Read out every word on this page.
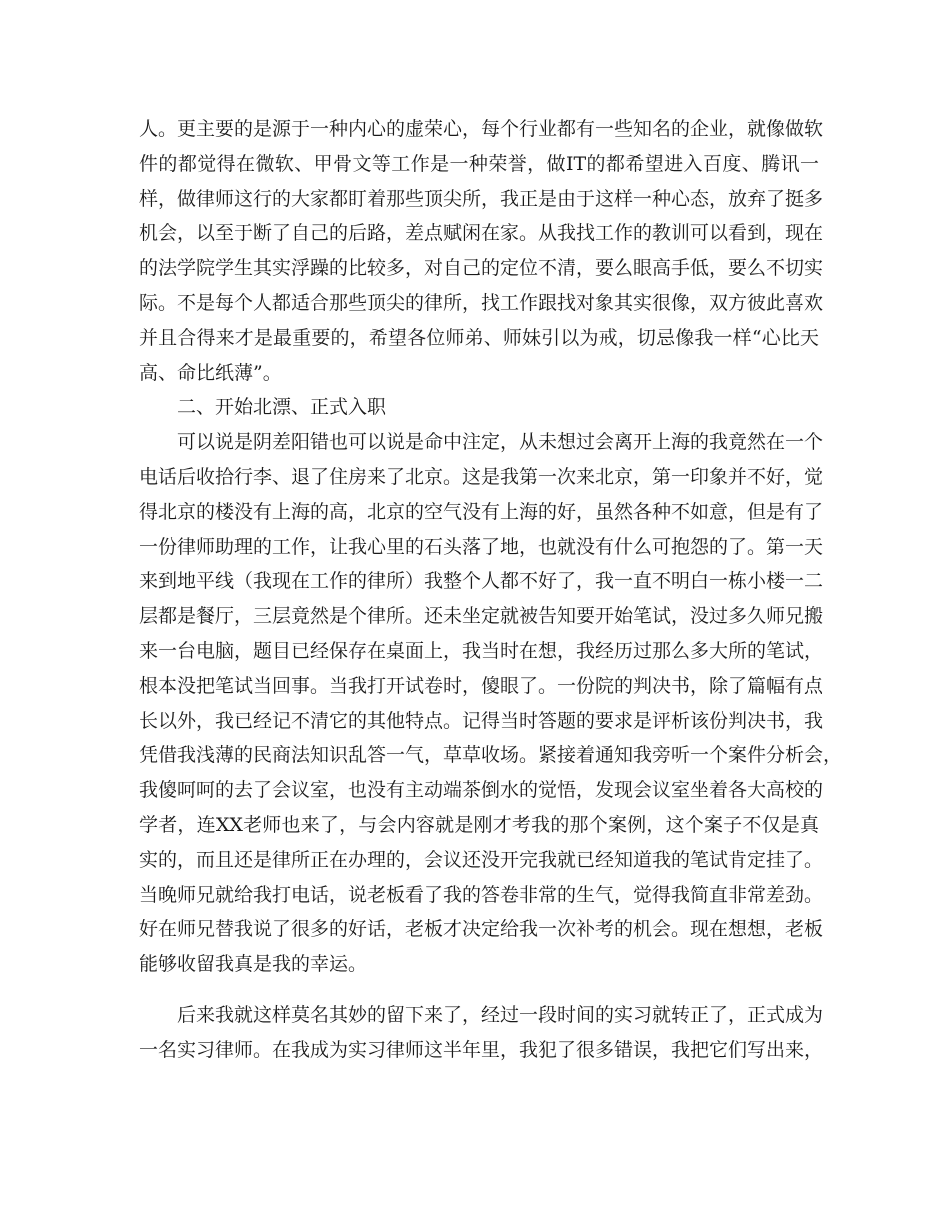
人。更主要的是源于一种内心的虚荣心，每个行业都有一些知名的企业，就像做软
件的都觉得在微软、甲骨文等工作是一种荣誉，做IT的都希望进入百度、腾讯一
样，做律师这行的大家都盯着那些顶尖所，我正是由于这样一种心态，放弃了挺多
机会，以至于断了自己的后路，差点赋闲在家。从我找工作的教训可以看到，现在
的法学院学生其实浮躁的比较多，对自己的定位不清，要么眼高手低，要么不切实
际。不是每个人都适合那些顶尖的律所，找工作跟找对象其实很像，双方彼此喜欢
并且合得来才是最重要的，希望各位师弟、师妹引以为戒，切忌像我一样“心比天
高、命比纸薄”。
二、开始北漂、正式入职
可以说是阴差阳错也可以说是命中注定，从未想过会离开上海的我竟然在一个
电话后收拾行李、退了住房来了北京。这是我第一次来北京，第一印象并不好，觉
得北京的楼没有上海的高，北京的空气没有上海的好，虽然各种不如意，但是有了
一份律师助理的工作，让我心里的石头落了地，也就没有什么可抱怨的了。第一天
来到地平线（我现在工作的律所）我整个人都不好了，我一直不明白一栋小楼一二
层都是餐厅，三层竟然是个律所。还未坐定就被告知要开始笔试，没过多久师兄搬
来一台电脑，题目已经保存在桌面上，我当时在想，我经历过那么多大所的笔试，
根本没把笔试当回事。当我打开试卷时，傻眼了。一份院的判决书，除了篇幅有点
长以外，我已经记不清它的其他特点。记得当时答题的要求是评析该份判决书，我
凭借我浅薄的民商法知识乱答一气，草草收场。紧接着通知我旁听一个案件分析会，
我傻呵呵的去了会议室，也没有主动端茶倒水的觉悟，发现会议室坐着各大高校的
学者，连XX老师也来了，与会内容就是刚才考我的那个案例，这个案子不仅是真
实的，而且还是律所正在办理的，会议还没开完我就已经知道我的笔试肯定挂了。
当晚师兄就给我打电话，说老板看了我的答卷非常的生气，觉得我简直非常差劲。
好在师兄替我说了很多的好话，老板才决定给我一次补考的机会。现在想想，老板
能够收留我真是我的幸运。
后来我就这样莫名其妙的留下来了，经过一段时间的实习就转正了，正式成为
一名实习律师。在我成为实习律师这半年里，我犯了很多错误，我把它们写出来，
